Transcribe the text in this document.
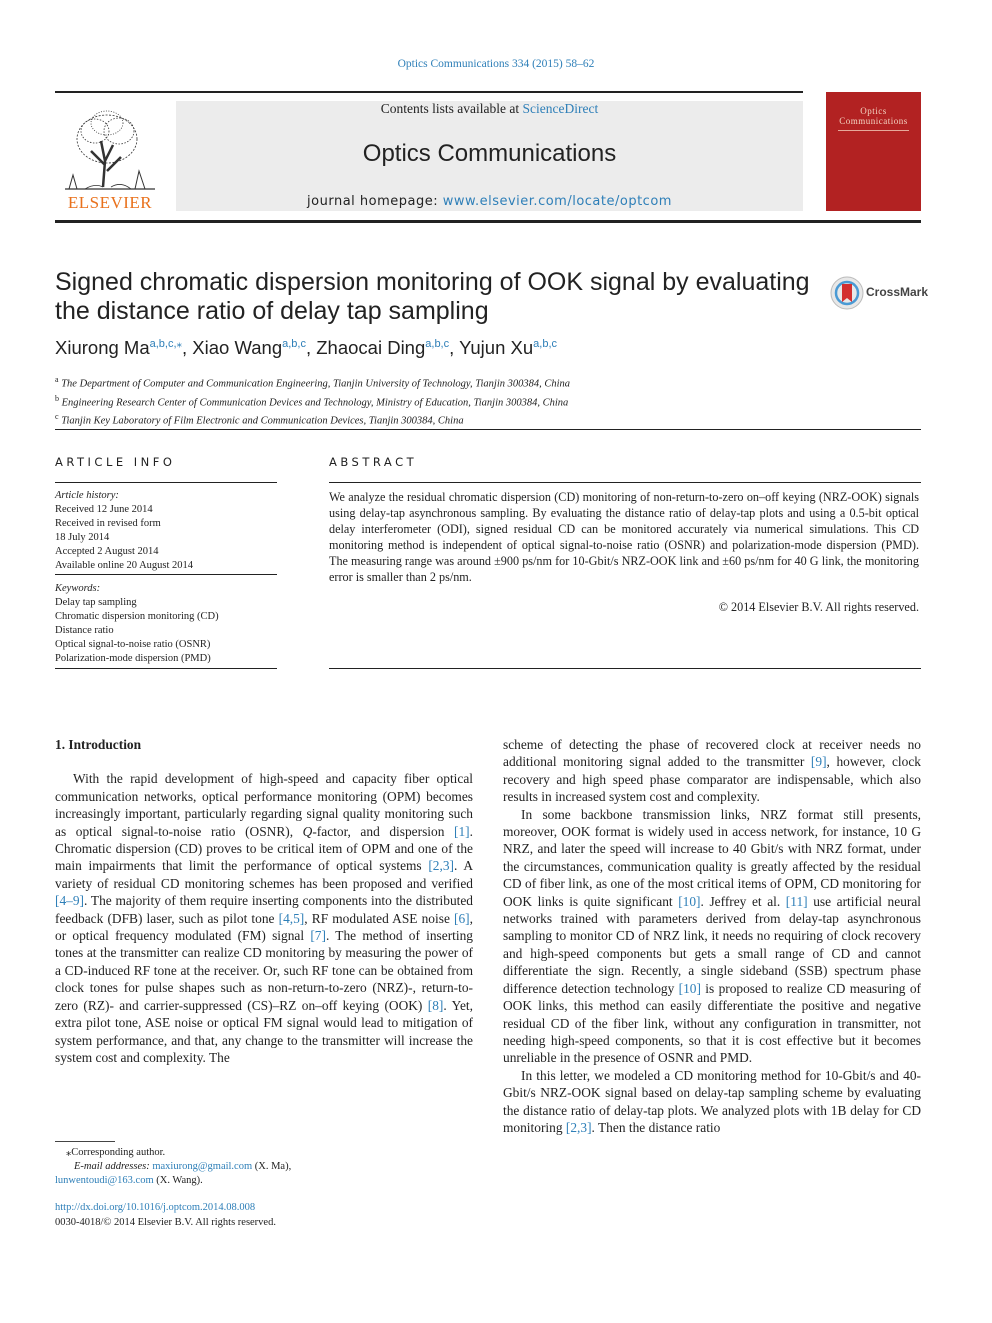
Optics Communications 334 (2015) 58–62
ELSEVIER
Contents lists available at ScienceDirect
Optics Communications
journal homepage: www.elsevier.com/locate/optcom
Optics
Communications
Signed chromatic dispersion monitoring of OOK signal by evaluating
the distance ratio of delay tap sampling
CrossMark
Xiurong $Ma^{a,b,c,⁎}$, Xiao Wang$^{a,b,c}$, Zhaocai Ding$^{a,b,c}$, Yujun Xu$^{a,b,c}$
$^a$ The Department of Computer and Communication Engineering, Tianjin University of Technology, Tianjin 300384, China
$^b$ Engineering Research Center of Communication Devices and Technology, Ministry of Education, Tianjin 300384, China
$^c$ Tianjin Key Laboratory of Film Electronic and Communication Devices, Tianjin 300384, China
ARTICLE INFO
Article history:
Received 12 June 2014
Received in revised form
18 July 2014
Accepted 2 August 2014
Available online 20 August 2014
Keywords:
Delay tap sampling
Chromatic dispersion monitoring (CD)
Distance ratio
Optical signal-to-noise ratio (OSNR)
Polarization-mode dispersion (PMD)
ABSTRACT
We analyze the residual chromatic dispersion (CD) monitoring of non-return-to-zero on–off keying (NRZ-OOK) signals using delay-tap asynchronous sampling. By evaluating the distance ratio of delay-tap plots and using a 0.5-bit optical delay interferometer (ODI), signed residual CD can be monitored accurately via numerical simulations. This CD monitoring method is independent of optical signal-to-noise ratio (OSNR) and polarization-mode dispersion (PMD). The measuring range was around ±900 ps/nm for 10-Gbit/s NRZ-OOK link and ±60 ps/nm for 40 G link, the monitoring error is smaller than 2 ps/nm.
© 2014 Elsevier B.V. All rights reserved.
1. Introduction

With the rapid development of high-speed and capacity fiber optical communication networks, optical performance monitoring (OPM) becomes increasingly important, particularly regarding signal quality monitoring such as optical signal-to-noise ratio (OSNR), Q-factor, and dispersion [1]. Chromatic dispersion (CD) proves to be critical item of OPM and one of the main impairments that limit the performance of optical systems [2,3]. A variety of residual CD monitoring schemes has been proposed and verified [4–9]. The majority of them require inserting components into the distributed feedback (DFB) laser, such as pilot tone [4,5], RF modulated ASE noise [6], or optical frequency modulated (FM) signal [7]. The method of inserting tones at the transmitter can realize CD monitoring by measuring the power of a CD-induced RF tone at the receiver. Or, such RF tone can be obtained from clock tones for pulse shapes such as non-return-to-zero (NRZ)-, return-to-zero (RZ)- and carrier-suppressed (CS)–RZ on–off keying (OOK) [8]. Yet, extra pilot tone, ASE noise or optical FM signal would lead to mitigation of system performance, and that, any change to the transmitter will increase the system cost and complexity. The

scheme of detecting the phase of recovered clock at receiver needs no additional monitoring signal added to the transmitter [9], however, clock recovery and high speed phase comparator are indispensable, which also results in increased system cost and complexity.

In some backbone transmission links, NRZ format still presents, moreover, OOK format is widely used in access network, for instance, 10 G NRZ, and later the speed will increase to 40 Gbit/s with NRZ format, under the circumstances, communication quality is greatly affected by the residual CD of fiber link, as one of the most critical items of OPM, CD monitoring for OOK links is quite significant [10]. Jeffrey et al. [11] use artificial neural networks trained with parameters derived from delay-tap asynchronous sampling to monitor CD of NRZ link, it needs no requiring of clock recovery and high-speed components but gets a small range of CD and cannot differentiate the sign. Recently, a single sideband (SSB) spectrum phase difference detection technology [10] is proposed to realize CD measuring of OOK links, this method can easily differentiate the positive and negative residual CD of the fiber link, without any configuration in transmitter, not needing high-speed components, so that it is cost effective but it becomes unreliable in the presence of OSNR and PMD.

In this letter, we modeled a CD monitoring method for 10-Gbit/s and 40-Gbit/s NRZ-OOK signal based on delay-tap sampling scheme by evaluating the distance ratio of delay-tap plots. We analyzed plots with 1B delay for CD monitoring [2,3]. Then the distance ratio

⁎Corresponding author.
E-mail addresses: maxiurong@gmail.com (X. Ma),
lunwentoudi@163.com (X. Wang).
http://dx.doi.org/10.1016/j.optcom.2014.08.008
0030-4018/© 2014 Elsevier B.V. All rights reserved.
